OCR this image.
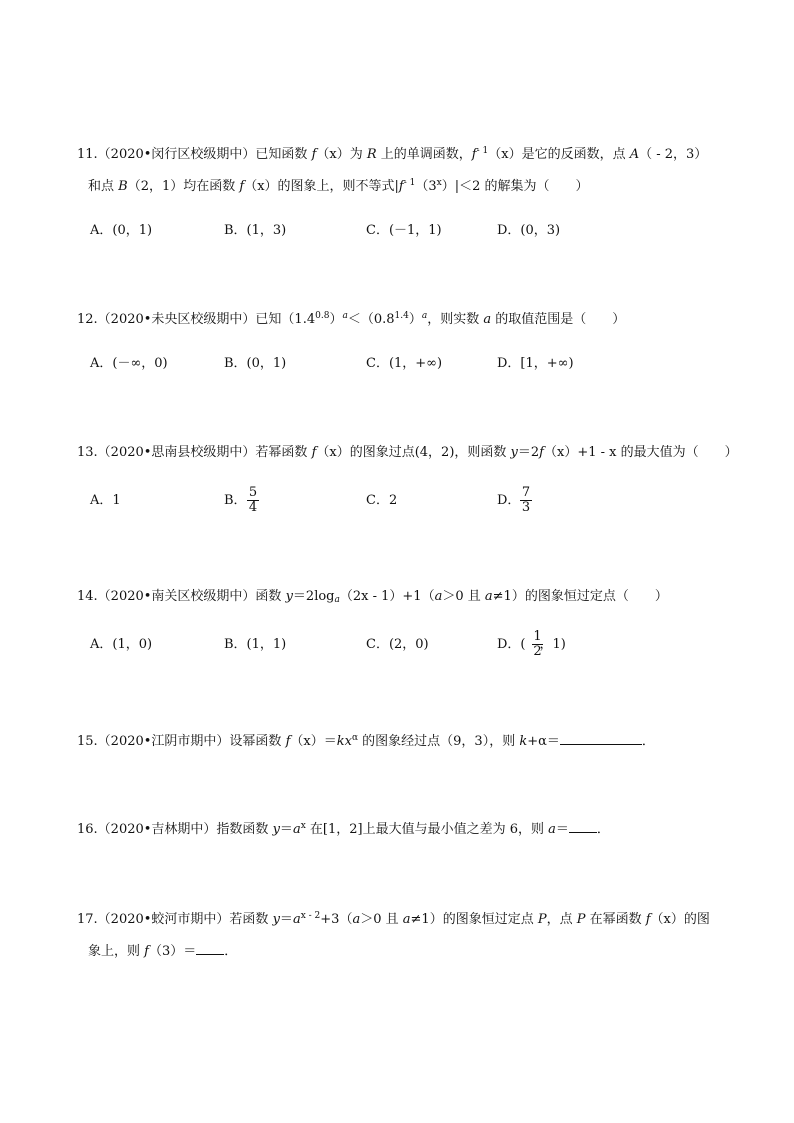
11.（2020•闵行区校级期中）已知函数 f（x）为 R 上的单调函数，$f^{- 1}(x)$是它的反函数，点 A（ - 2，3）
和点 B（2，1）均在函数 f（x）的图象上，则不等式$|f^{- 1}(3^x)|<2$ 的解集为（　　）
A．(0，1)	B．(1，3)	C．(－1，1)	D．(0，3)
12.（2020•未央区校级期中）已知$(1.4^{0.8})^a<(0.8^{1.4})^a$，则实数 a 的取值范围是（　　）
A．(－∞，0)	B．(0，1)	C．(1，+∞)	D．[1，+∞)
13.（2020•思南县校级期中）若幂函数 f（x）的图象过点(4，2)，则函数 y＝2f（x）+1 - x 的最大值为（　　）
A．1	B．
5
4	C．2	D．
7
3
14.（2020•南关区校级期中）函数 $y=2\log_a(2x - 1)+1(a>0$ 且 a≠1）的图象恒过定点（　　）
A．(1，0)	B．(1，1)	C．(2，0)	D．( ，1)
1
2
15.（2020•江阴市期中）设幂函数 $f(x)=kx^\alpha$ 的图象经过点（9，3），则 k+α＝	．
16.（2020•吉林期中）指数函数 $y=a^x$ 在[1，2]上最大值与最小值之差为 6，则 a＝ ．
17.（2020•蛟河市期中）若函数 $y=a^{x - 2}+3(a>0$ 且 a≠1）的图象恒过定点 P，点 P 在幂函数 f（x）的图
象上，则 f（3）＝ ．
